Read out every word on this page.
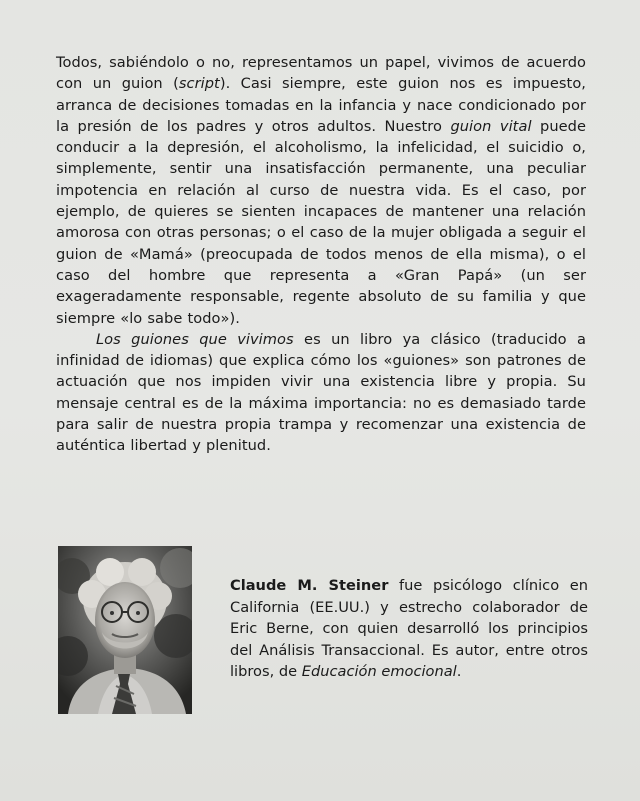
Todos, sabiéndolo o no, representamos un papel, vivimos de acuerdo con un guion (script). Casi siempre, este guion nos es impuesto, arranca de decisiones tomadas en la infancia y nace condicionado por la presión de los padres y otros adultos. Nuestro guion vital puede conducir a la depresión, el alcoholismo, la infelicidad, el suicidio o, simplemente, sentir una insatisfacción permanente, una peculiar impotencia en relación al curso de nuestra vida. Es el caso, por ejemplo, de quieres se sienten incapaces de mantener una relación amorosa con otras personas; o el caso de la mujer obligada a seguir el guion de «Mamá» (preocupada de todos menos de ella misma), o el caso del hombre que representa a «Gran Papá» (un ser exageradamente responsable, regente absoluto de su familia y que siempre «lo sabe todo»).

Los guiones que vivimos es un libro ya clásico (traducido a infinidad de idiomas) que explica cómo los «guiones» son patrones de actuación que nos impiden vivir una existencia libre y propia. Su mensaje central es de la máxima importancia: no es demasiado tarde para salir de nuestra propia trampa y recomenzar una existencia de auténtica libertad y plenitud.

Claude M. Steiner fue psicólogo clínico en California (EE.UU.) y estrecho colaborador de Eric Berne, con quien desarrolló los principios del Análisis Transaccional. Es autor, entre otros libros, de Educación emocional.
